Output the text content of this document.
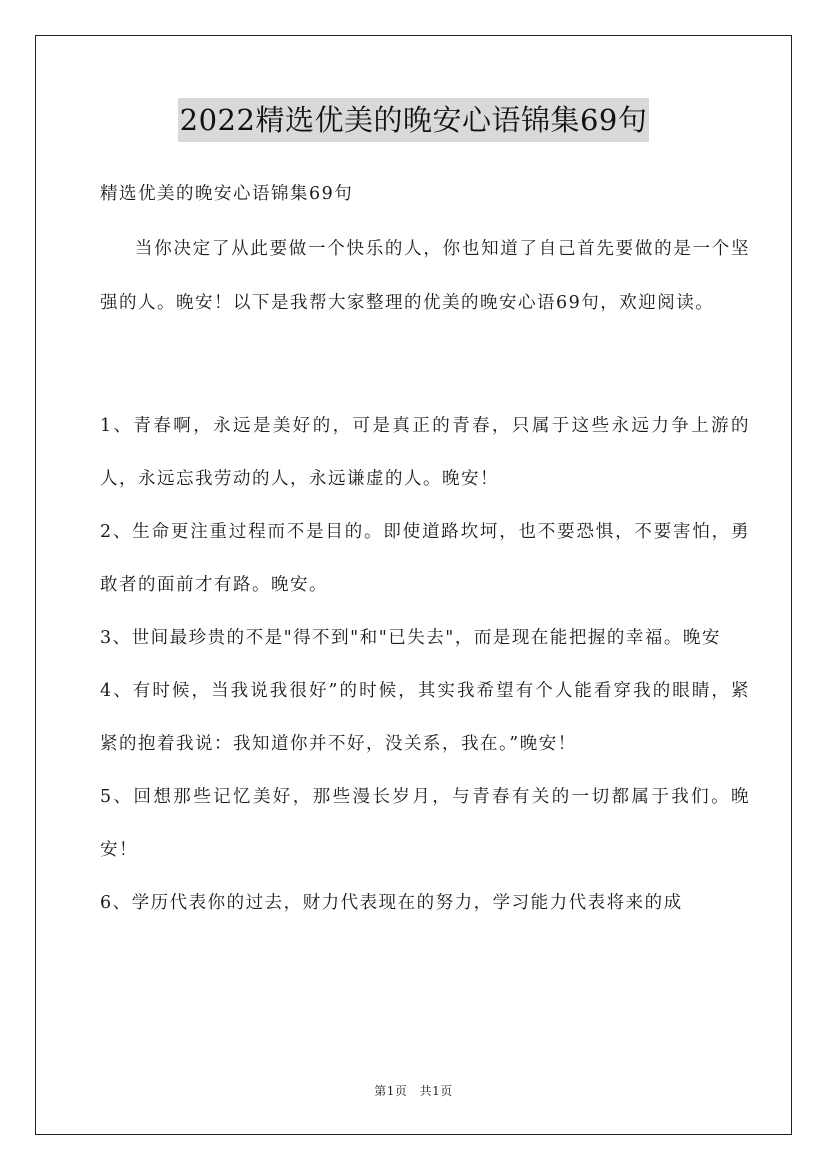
2022精选优美的晚安心语锦集69句

精选优美的晚安心语锦集69句

当你决定了从此要做一个快乐的人，你也知道了自己首先要做的是一个坚强的人。晚安！以下是我帮大家整理的优美的晚安心语69句，欢迎阅读。

1、青春啊，永远是美好的，可是真正的青春，只属于这些永远力争上游的人，永远忘我劳动的人，永远谦虚的人。晚安！

2、生命更注重过程而不是目的。即使道路坎坷，也不要恐惧，不要害怕，勇敢者的面前才有路。晚安。

3、世间最珍贵的不是"得不到"和"已失去"，而是现在能把握的幸福。晚安

4、有时候，当我说我很好”的时候，其实我希望有个人能看穿我的眼睛，紧紧的抱着我说：我知道你并不好，没关系，我在。”晚安！

5、回想那些记忆美好，那些漫长岁月，与青春有关的一切都属于我们。晚安！

6、学历代表你的过去，财力代表现在的努力，学习能力代表将来的成

第1页 共1页
